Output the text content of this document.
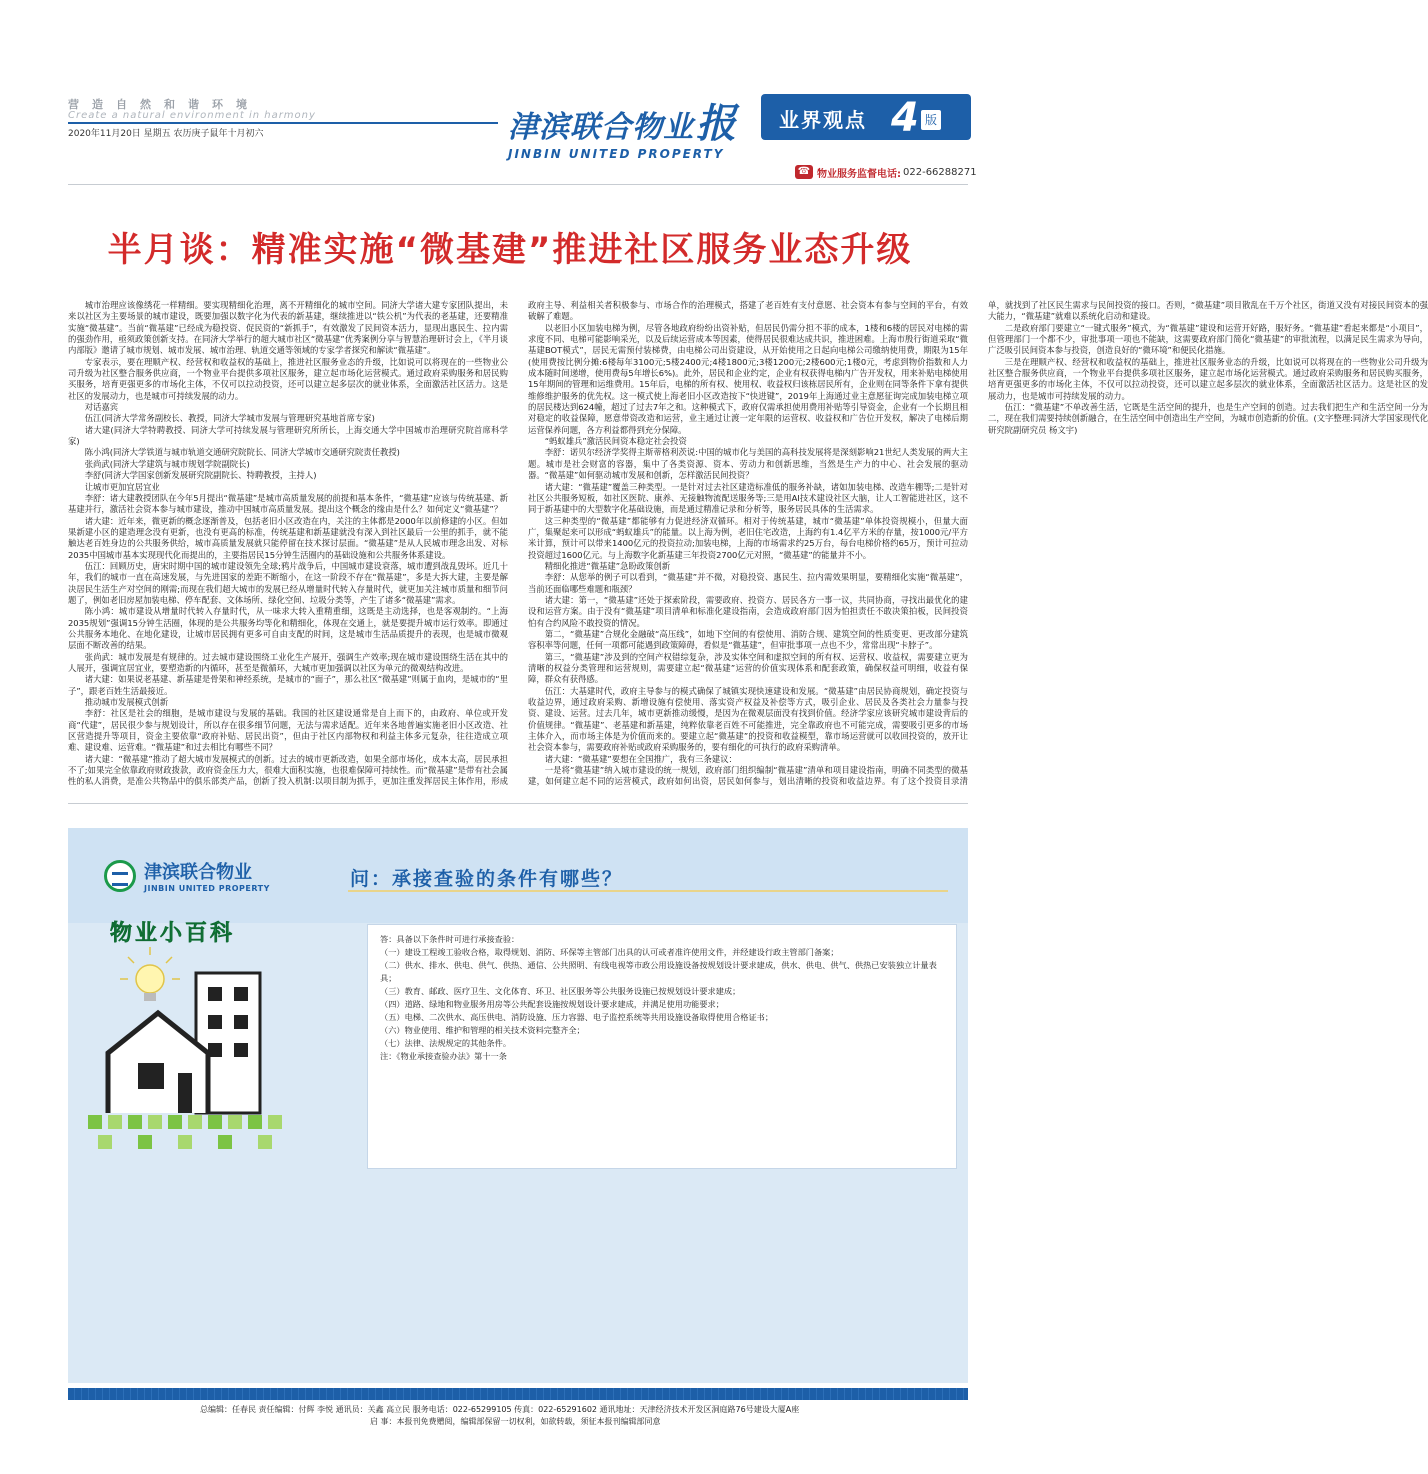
营造自然和谐环境
Create a natural environment in harmony
2020年11月20日 星期五 农历庚子鼠年十月初六	津滨联合物业报
JINBIN UNITED PROPERTY
业界观点 4 版
☎ 物业服务监督电话: 022-66288271
半月谈：精准实施“微基建”推进社区服务业态升级

城市治理应该像绣花一样精细。要实现精细化治理，离不开精细化的城市空间。同济大学诸大建专家团队提出，未来以社区为主要场景的城市建设，既要加强以数字化为代表的新基建，继续推进以“铁公机”为代表的老基建，还要精准实施“微基建”。当前“微基建”已经成为稳投资、促民资的“新抓手”，有效激发了民间资本活力，显现出惠民生、拉内需的强劲作用，亟须政策创新支持。在同济大学举行的超大城市社区“微基建”优秀案例分享与智慧治理研讨会上，《半月谈内部版》邀请了城市规划、城市发展、城市治理、轨道交通等领域的专家学者探究和解读“微基建”。

专家表示，要在理顺产权、经营权和收益权的基础上，推进社区服务业态的升级，比如说可以将现在的一些物业公司升级为社区整合服务供应商，一个物业平台提供多项社区服务，建立起市场化运营模式。通过政府采购服务和居民购买服务，培育更强更多的市场化主体，不仅可以拉动投资，还可以建立起多层次的就业体系，全面激活社区活力。这是社区的发展动力，也是城市可持续发展的动力。

对话嘉宾

伍江(同济大学常务副校长、教授，同济大学城市发展与管理研究基地首席专家)

诸大建(同济大学特聘教授、同济大学可持续发展与管理研究所所长，上海交通大学中国城市治理研究院首席科学家)

陈小鸿(同济大学铁道与城市轨道交通研究院院长、同济大学城市交通研究院责任教授)

张尚武(同济大学建筑与城市规划学院副院长)

李舒(同济大学国家创新发展研究院副院长、特聘教授，主持人)

让城市更加宜居宜业

李舒：诸大建教授团队在今年5月提出“微基建”是城市高质量发展的前提和基本条件，“微基建”应该与传统基建、新基建并行，激活社会资本参与城市建设，推动中国城市高质量发展。提出这个概念的缘由是什么？如何定义“微基建”？

诸大建：近年来，微更新的概念逐渐普及，包括老旧小区改造在内，关注的主体都是2000年以前修建的小区。但如果新建小区的建造理念没有更新，也没有更高的标准，传统基建和新基建就没有深入到社区最后一公里的抓手，就不能触达老百姓身边的公共服务供给，城市高质量发展就只能停留在技术探讨层面。“微基建”是从人民城市理念出发、对标2035中国城市基本实现现代化而提出的，主要指居民15分钟生活圈内的基础设施和公共服务体系建设。

伍江：回顾历史，唐宋时期中国的城市建设领先全球;鸦片战争后，中国城市建设衰落，城市遭到战乱毁坏。近几十年，我们的城市一直在高速发展，与先进国家的差距不断缩小，在这一阶段不存在“微基建”，多是大拆大建，主要是解决居民生活生产对空间的刚需;而现在我们超大城市的发展已经从增量时代转入存量时代，就更加关注城市质量和细节问题了，例如老旧房屋加装电梯、停车配套、文体场所、绿化空间、垃圾分类等，产生了诸多“微基建”需求。

陈小鸿：城市建设从增量时代转入存量时代，从一味求大转入重精重细，这既是主动选择，也是客观制约。“上海2035规划”强调15分钟生活圈，体现的是公共服务均等化和精细化，体现在交通上，就是要提升城市运行效率。即通过公共服务本地化、在地化建设，让城市居民拥有更多可自由支配的时间，这是城市生活品质提升的表现，也是城市微观层面不断改善的结果。

张尚武：城市发展是有规律的。过去城市建设围绕工业化生产展开，强调生产效率;现在城市建设围绕生活在其中的人展开，强调宜居宜业，要塑造新的内循环，甚至是微循环，大城市更加强调以社区为单元的微观结构改进。

诸大建：如果说老基建、新基建是骨架和神经系统，是城市的“面子”，那么社区“微基建”则属于血肉，是城市的“里子”，跟老百姓生活最接近。

推动城市发展模式创新

李舒：社区是社会的细胞，是城市建设与发展的基础。我国的社区建设通常是自上而下的，由政府、单位或开发商“代建”，居民很少参与规划设计，所以存在很多细节问题，无法与需求适配。近年来各地普遍实施老旧小区改造、社区营造提升等项目，资金主要依靠“政府补贴、居民出资”，但由于社区内部物权和利益主体多元复杂，往往造成立项难、建设难、运营难。“微基建”和过去相比有哪些不同？

诸大建：“微基建”推动了超大城市发展模式的创新。过去的城市更新改造，如果全部市场化，成本太高，居民承担不了;如果完全依靠政府财政拨款，政府资金压力大，很难大面积实施，也很难保障可持续性。而“微基建”是带有社会属性的私人消费，是准公共物品中的俱乐部类产品，创新了投入机制:以项目制为抓手，更加注重发挥居民主体作用，形成政府主导、利益相关者积极参与、市场合作的治理模式，搭建了老百姓有支付意愿、社会资本有参与空间的平台，有效破解了难题。

以老旧小区加装电梯为例，尽管各地政府纷纷出资补贴，但居民仍需分担不菲的成本，1楼和6楼的居民对电梯的需求度不同、电梯可能影响采光，以及后续运营成本等因素，使得居民很难达成共识，推进困难。上海市殷行街道采取“微基建BOT模式”，居民无需预付装梯费，由电梯公司出资建设，从开始使用之日起向电梯公司缴纳使用费，期限为15年(使用费按比例分摊:6楼每年3100元;5楼2400元;4楼1800元;3楼1200元;2楼600元;1楼0元，考虑到物价指数和人力成本随时间递增，使用费每5年增长6%)。此外，居民和企业约定，企业有权获得电梯内广告开发权，用来补贴电梯使用15年期间的管理和运维费用。15年后，电梯的所有权、使用权、收益权归该栋居民所有，企业则在同等条件下拿有提供维修维护服务的优先权。这一模式使上海老旧小区改造按下“快进键”，2019年上海通过业主意愿征询完成加装电梯立项的居民楼达到624幢，超过了过去7年之和。这种模式下，政府仅需承担使用费用补贴等引导资金，企业有一个长期且相对稳定的收益保障，愿意带资改造和运营，业主通过让渡一定年限的运营权、收益权和广告位开发权，解决了电梯后期运营保养问题，各方利益都得到充分保障。

“蚂蚁雄兵”激活民间资本稳定社会投资

李舒：诺贝尔经济学奖得主斯蒂格利茨说:中国的城市化与美国的高科技发展将是深刻影响21世纪人类发展的两大主题。城市是社会财富的容器，集中了各类资源、资本、劳动力和创新思维，当然是生产力的中心、社会发展的驱动器。“微基建”如何驱动城市发展和创新，怎样激活民间投资？

诸大建：“微基建”覆盖三种类型。一是针对过去社区建造标准低的服务补缺，诸如加装电梯、改造车棚等;二是针对社区公共服务短板，如社区医院、康养、无接触物流配送服务等;三是用AI技术建设社区大脑，让人工智能进社区，这不同于新基建中的大型数字化基础设施，而是通过精准记录和分析等，服务居民具体的生活需求。

这三种类型的“微基建”都能够有力促进经济双循环。相对于传统基建，城市“微基建”单体投资规模小，但量大面广，集聚起来可以形成“蚂蚁雄兵”的能量。以上海为例，老旧住宅改造，上海约有1.4亿平方米的存量，按1000元/平方米计算，预计可以带来1400亿元的投资拉动;加装电梯，上海的市场需求约25万台，每台电梯价格约65万，预计可拉动投资超过1600亿元。与上海数字化新基建三年投资2700亿元对照，“微基建”的能量并不小。

精细化推进“微基建”急盼政策创新

李舒：从您举的例子可以看到，“微基建”并不微，对稳投资、惠民生、拉内需效果明显，要精细化实施“微基建”，当前还面临哪些难题和瓶颈？

诸大建：第一，“微基建”还处于探索阶段，需要政府、投资方、居民各方一事一议，共同协商，寻找出最优化的建设和运营方案。由于没有“微基建”项目清单和标准化建设指南，会造成政府部门因为怕担责任不敢决策拍板，民间投资怕有合约风险不敢投资的情况。

第二，“微基建”合规化金融破“高压线”，如地下空间的有偿使用、消防合规、建筑空间的性质变更、更改部分建筑容积率等问题，任何一项都可能遇到政策障碍，看似是“微基建”，但审批事项一点也不少，常常出现“卡脖子”。

第三，“微基建”涉及到的空间产权错综复杂，涉及实体空间和虚拟空间的所有权、运营权、收益权，需要建立更为清晰的权益分类管理和运营规则，需要建立起“微基建”运营的价值实现体系和配套政策，确保权益可明细，收益有保障，群众有获得感。

伍江：大基建时代，政府主导参与的模式确保了城镇实现快速建设和发展。“微基建”由居民协商规划，确定投资与收益边界，通过政府采购、新增设施有偿使用、落实资产权益及补偿等方式，吸引企业、居民及各类社会力量参与投资、建设、运营。过去几年，城市更新推动缓慢，是因为在微观层面没有找到价值。经济学家应该研究城市建设背后的价值规律。“微基建”、老基建和新基建，纯粹依靠老百姓不可能推进，完全靠政府也不可能完成，需要吸引更多的市场主体介入，而市场主体是为价值而来的。要建立起“微基建”的投资和收益模型，靠市场运营就可以收回投资的，放开让社会资本参与，需要政府补贴或政府采购服务的，要有细化的可执行的政府采购清单。

诸大建：“微基建”要想在全国推广，我有三条建议：

一是将“微基建”纳入城市建设的统一规划，政府部门组织编制“微基建”清单和项目建设指南，明确不同类型的微基建，如何建立起不同的运营模式，政府如何出资，居民如何参与，划出清晰的投资和收益边界。有了这个投资目录清单，就找到了社区民生需求与民间投资的接口。否则，“微基建”项目散乱在千万个社区，街道又没有对接民间资本的强大能力，“微基建”就难以系统化启动和建设。

二是政府部门要建立“一键式服务”模式，为“微基建”建设和运营开好路，服好务。“微基建”看起来都是“小项目”，但管理部门一个都不少，审批事项一项也不能缺，这需要政府部门简化“微基建”的审批流程，以满足民生需求为导向，广泛吸引民间资本参与投资，创造良好的“微环境”和便民化措施。

三是在理顺产权、经营权和收益权的基础上，推进社区服务业态的升级，比如说可以将现在的一些物业公司升级为社区整合服务供应商，一个物业平台提供多项社区服务，建立起市场化运营模式。通过政府采购服务和居民购买服务，培育更强更多的市场化主体，不仅可以拉动投资，还可以建立起多层次的就业体系，全面激活社区活力。这是社区的发展动力，也是城市可持续发展的动力。

伍江：“微基建”不单改善生活，它既是生活空间的提升，也是生产空间的创造。过去我们把生产和生活空间一分为二，现在我们需要持续创新融合，在生活空间中创造出生产空间，为城市创造新的价值。(文字整理:同济大学国家现代化研究院副研究员 杨文宇)

津滨联合物业
JINBIN UNITED PROPERTY
物业小百科
问：承接查验的条件有哪些？
答：具备以下条件时可进行承接查验：
（一）建设工程竣工验收合格，取得规划、消防、环保等主管部门出具的认可或者准许使用文件，并经建设行政主管部门备案；
（二）供水、排水、供电、供气、供热、通信、公共照明、有线电视等市政公用设施设备按规划设计要求建成，供水、供电、供气、供热已安装独立计量表具；
（三）教育、邮政、医疗卫生、文化体育、环卫、社区服务等公共服务设施已按规划设计要求建成；
（四）道路、绿地和物业服务用房等公共配套设施按规划设计要求建成，并满足使用功能要求；
（五）电梯、二次供水、高压供电、消防设施、压力容器、电子监控系统等共用设施设备取得使用合格证书；
（六）物业使用、维护和管理的相关技术资料完整齐全；
（七）法律、法规规定的其他条件。
注：《物业承接查验办法》第十一条
总编辑：任春民 责任编辑：付辉 李悦 通讯员：关鑫 高立民 服务电话：022-65299105 传真：022-65291602 通讯地址：天津经济技术开发区洞庭路76号建设大厦A座
启 事：本报刊免费赠阅，编辑部保留一切权利，如欲转载，须征本报刊编辑部同意
